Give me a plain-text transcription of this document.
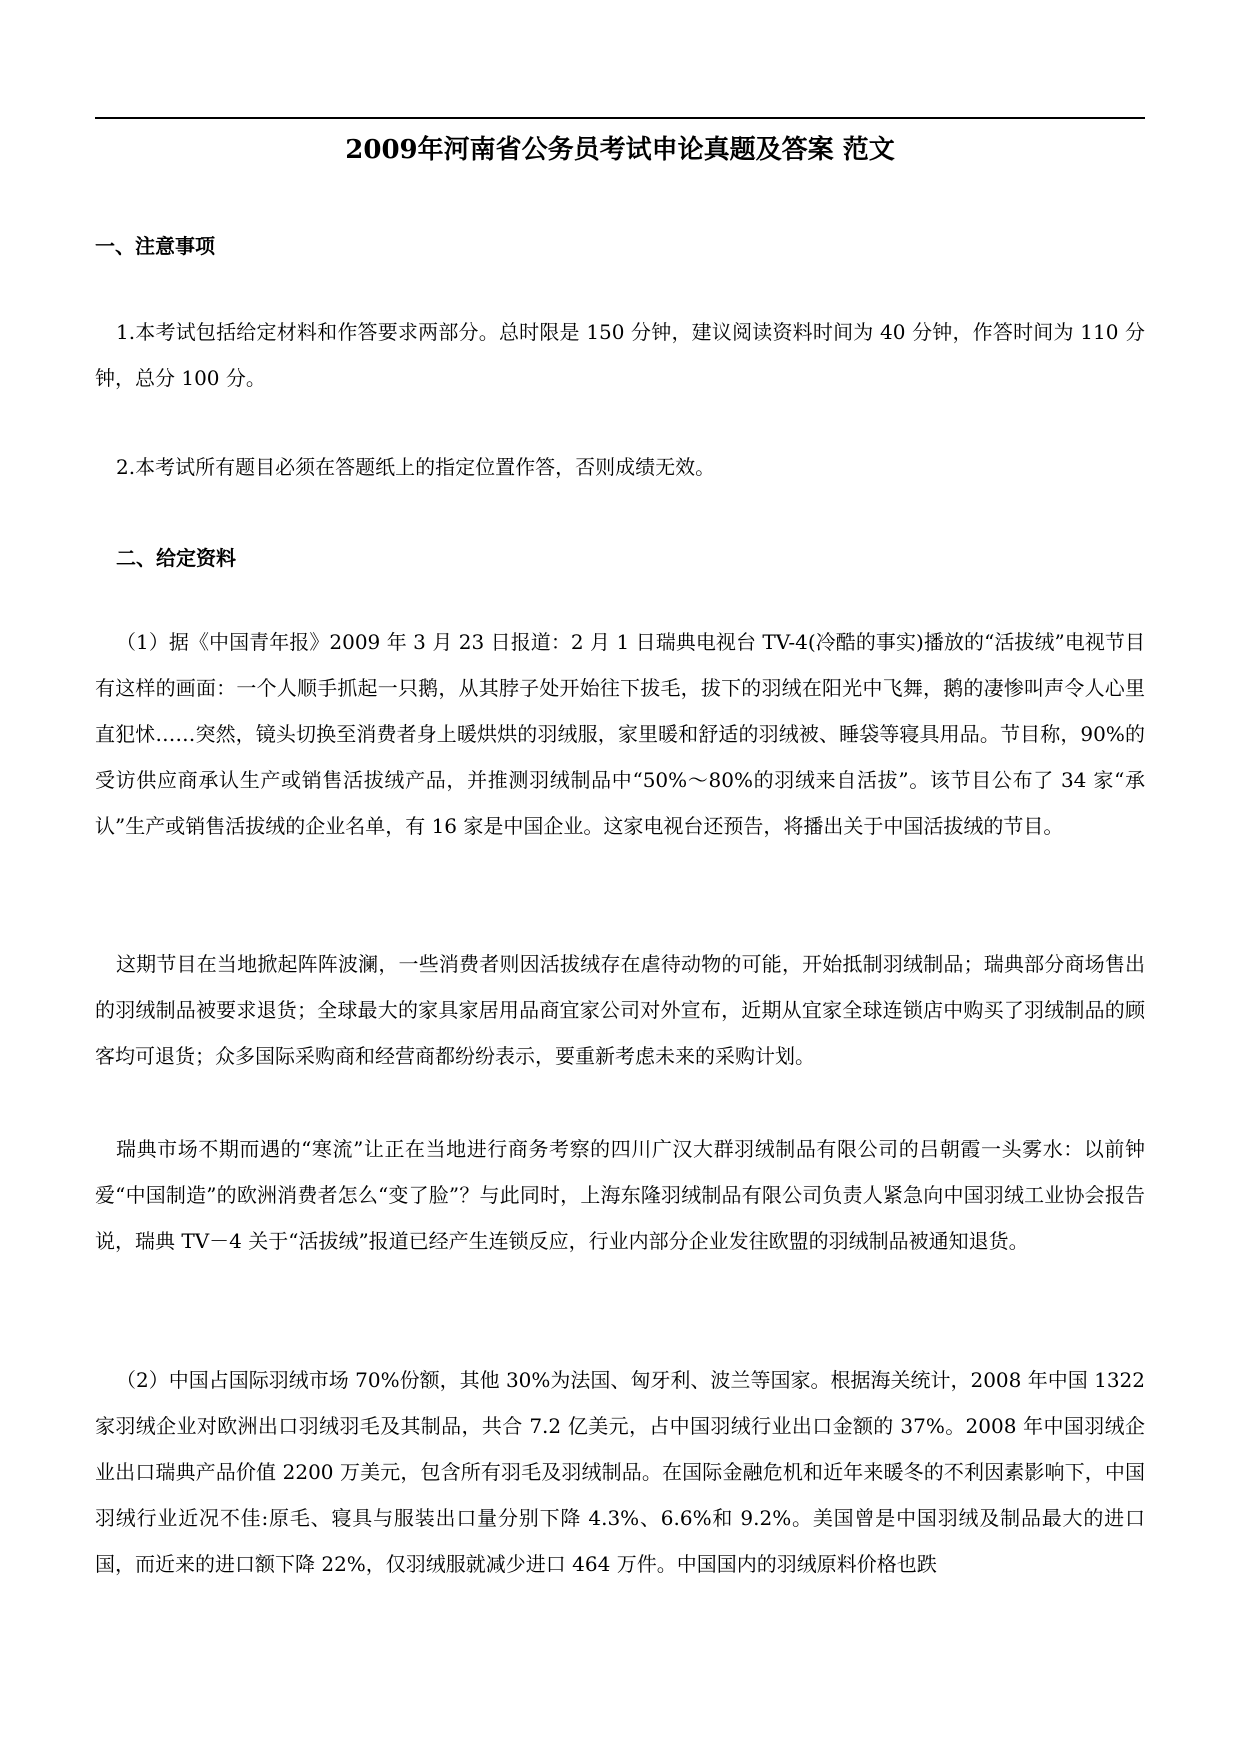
2009年河南省公务员考试申论真题及答案 范文
一、注意事项

1.本考试包括给定材料和作答要求两部分。总时限是 150 分钟，建议阅读资料时间为 40 分钟，作答时间为 110 分钟，总分 100 分。

2.本考试所有题目必须在答题纸上的指定位置作答，否则成绩无效。

二、给定资料

（1）据《中国青年报》2009 年 3 月 23 日报道：2 月 1 日瑞典电视台 TV-4(冷酷的事实)播放的“活拔绒”电视节目有这样的画面：一个人顺手抓起一只鹅，从其脖子处开始往下拔毛，拔下的羽绒在阳光中飞舞，鹅的凄惨叫声令人心里直犯怵……突然，镜头切换至消费者身上暖烘烘的羽绒服，家里暖和舒适的羽绒被、睡袋等寝具用品。节目称，90%的受访供应商承认生产或销售活拔绒产品，并推测羽绒制品中“50%～80%的羽绒来自活拔”。该节目公布了 34 家“承认”生产或销售活拔绒的企业名单，有 16 家是中国企业。这家电视台还预告，将播出关于中国活拔绒的节目。

这期节目在当地掀起阵阵波澜，一些消费者则因活拔绒存在虐待动物的可能，开始抵制羽绒制品；瑞典部分商场售出的羽绒制品被要求退货；全球最大的家具家居用品商宜家公司对外宣布，近期从宜家全球连锁店中购买了羽绒制品的顾客均可退货；众多国际采购商和经营商都纷纷表示，要重新考虑未来的采购计划。

瑞典市场不期而遇的“寒流”让正在当地进行商务考察的四川广汉大群羽绒制品有限公司的吕朝霞一头雾水：以前钟爱“中国制造”的欧洲消费者怎么“变了脸”？与此同时，上海东隆羽绒制品有限公司负责人紧急向中国羽绒工业协会报告说，瑞典 TV－4 关于“活拔绒”报道已经产生连锁反应，行业内部分企业发往欧盟的羽绒制品被通知退货。

（2）中国占国际羽绒市场 70%份额，其他 30%为法国、匈牙利、波兰等国家。根据海关统计，2008 年中国 1322 家羽绒企业对欧洲出口羽绒羽毛及其制品，共合 7.2 亿美元，占中国羽绒行业出口金额的 37%。2008 年中国羽绒企业出口瑞典产品价值 2200 万美元，包含所有羽毛及羽绒制品。在国际金融危机和近年来暖冬的不利因素影响下，中国羽绒行业近况不佳:原毛、寝具与服装出口量分别下降 4.3%、6.6%和 9.2%。美国曾是中国羽绒及制品最大的进口国，而近来的进口额下降 22%，仅羽绒服就减少进口 464 万件。中国国内的羽绒原料价格也跌
